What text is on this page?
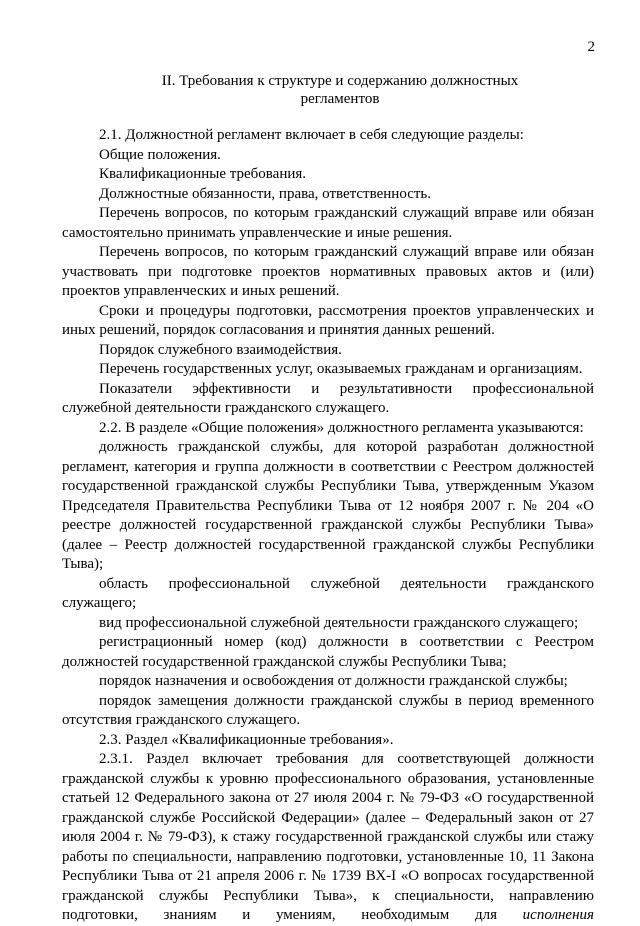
2
II. Требования к структуре и содержанию должностных
регламентов

2.1. Должностной регламент включает в себя следующие разделы:

Общие положения.

Квалификационные требования.

Должностные обязанности, права, ответственность.

Перечень вопросов, по которым гражданский служащий вправе или обязан самостоятельно принимать управленческие и иные решения.

Перечень вопросов, по которым гражданский служащий вправе или обязан участвовать при подготовке проектов нормативных правовых актов и (или) проектов управленческих и иных решений.

Сроки и процедуры подготовки, рассмотрения проектов управленческих и иных решений, порядок согласования и принятия данных решений.

Порядок служебного взаимодействия.

Перечень государственных услуг, оказываемых гражданам и организациям.

Показатели эффективности и результативности профессиональной служебной деятельности гражданского служащего.

2.2. В разделе «Общие положения» должностного регламента указываются:

должность гражданской службы, для которой разработан должностной регламент, категория и группа должности в соответствии с Реестром должностей государственной гражданской службы Республики Тыва, утвержденным Указом Председателя Правительства Республики Тыва от 12 ноября 2007 г. № 204 «О реестре должностей государственной гражданской службы Республики Тыва» (далее – Реестр должностей государственной гражданской службы Республики Тыва);

область профессиональной служебной деятельности гражданского служащего;

вид профессиональной служебной деятельности гражданского служащего;

регистрационный номер (код) должности в соответствии с Реестром должностей государственной гражданской службы Республики Тыва;

порядок назначения и освобождения от должности гражданской службы;

порядок замещения должности гражданской службы в период временного отсутствия гражданского служащего.

2.3. Раздел «Квалификационные требования».

2.3.1. Раздел включает требования для соответствующей должности гражданской службы к уровню профессионального образования, установленные статьей 12 Федерального закона от 27 июля 2004 г. № 79-ФЗ «О государственной гражданской службе Российской Федерации» (далее – Федеральный закон от 27 июля 2004 г. № 79-ФЗ), к стажу государственной гражданской службы или стажу работы по специальности, направлению подготовки, установленные 10, 11 Закона Республики Тыва от 21 апреля 2006 г. № 1739 ВХ-I «О вопросах государственной гражданской службы Республики Тыва», к специальности, направлению подготовки, знаниям и умениям, необходимым для исполнения
